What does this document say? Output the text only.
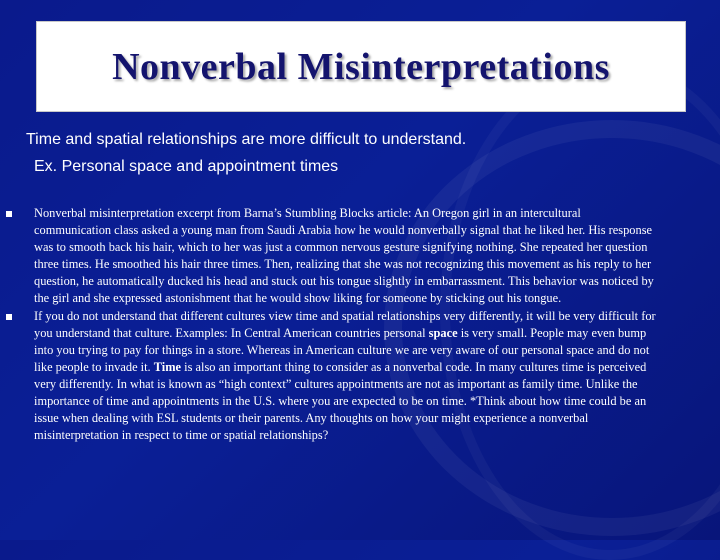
Nonverbal Misinterpretations
Time and spatial relationships are more difficult to understand.
Ex. Personal space and appointment times
Nonverbal misinterpretation excerpt from Barna’s Stumbling Blocks article: An Oregon girl in an intercultural communication class asked a young man from Saudi Arabia how he would nonverbally signal that he liked her. His response was to smooth back his hair, which to her was just a common nervous gesture signifying nothing. She repeated her question three times. He smoothed his hair three times. Then, realizing that she was not recognizing this movement as his reply to her question, he automatically ducked his head and stuck out his tongue slightly in embarrassment. This behavior was noticed by the girl and she expressed astonishment that he would show liking for someone by sticking out his tongue.
If you do not understand that different cultures view time and spatial relationships very differently, it will be very difficult for you understand that culture. Examples: In Central American countries personal space is very small. People may even bump into you trying to pay for things in a store. Whereas in American culture we are very aware of our personal space and do not like people to invade it. Time is also an important thing to consider as a nonverbal code. In many cultures time is perceived very differently. In what is known as “high context” cultures appointments are not as important as family time. Unlike the importance of time and appointments in the U.S. where you are expected to be on time. *Think about how time could be an issue when dealing with ESL students or their parents. Any thoughts on how your might experience a nonverbal misinterpretation in respect to time or spatial relationships?
